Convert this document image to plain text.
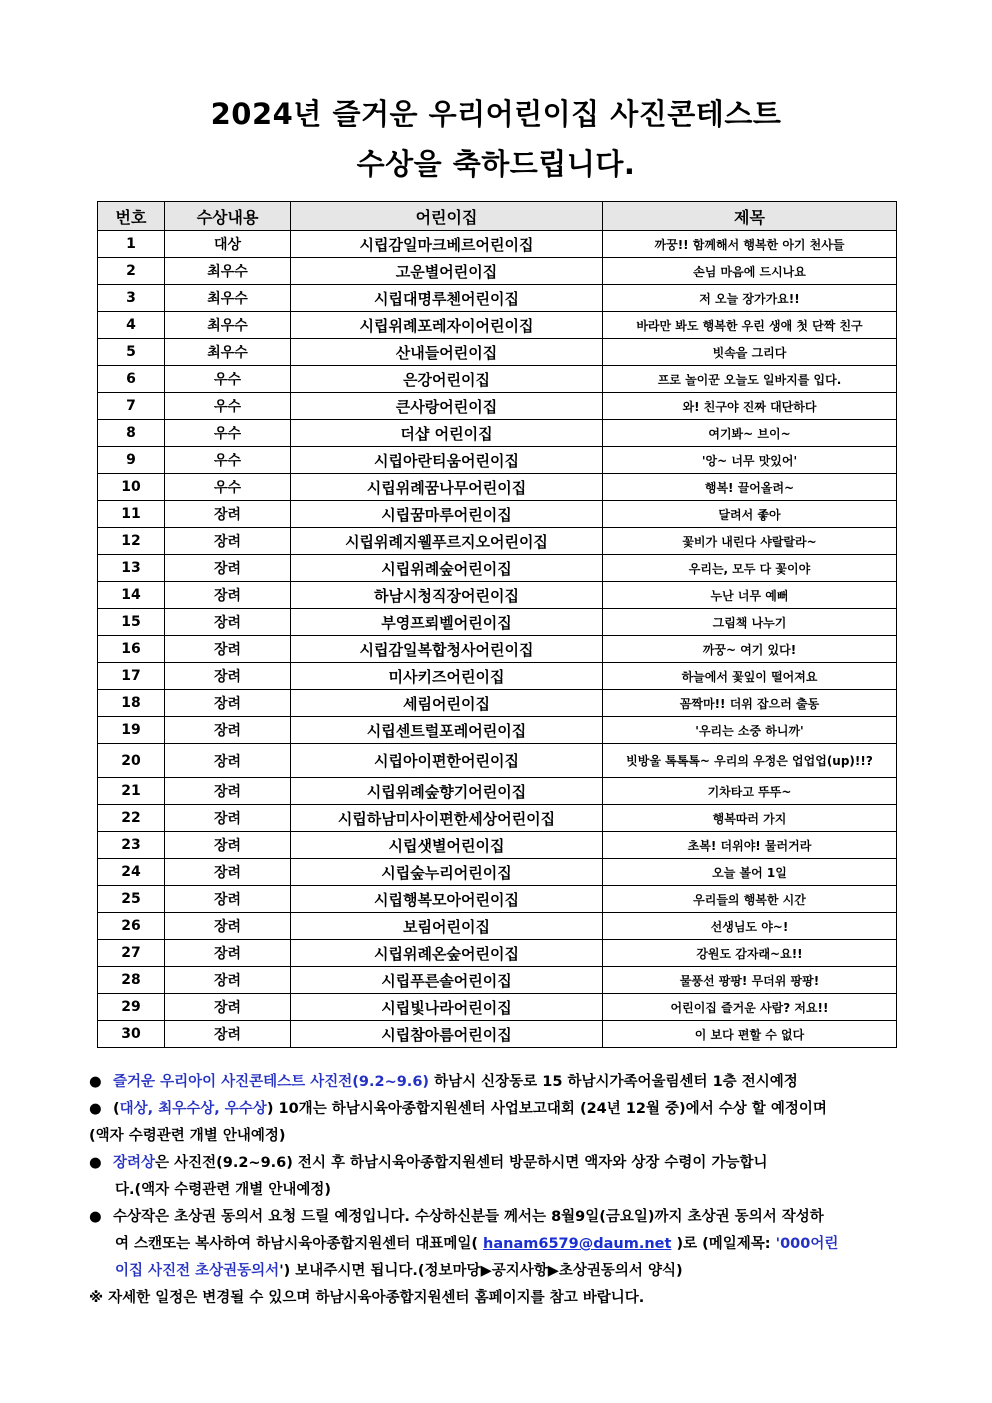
2024년 즐거운 우리어린이집 사진콘테스트
수상을 축하드립니다.
번호	수상내용	어린이집	제목
1	대상	시립감일마크베르어린이집	까꿍!! 함께해서 행복한 아기 천사들
2	최우수	고운별어린이집	손님 마음에 드시나요
3	최우수	시립대명루첸어린이집	저 오늘 장가가요!!
4	최우수	시립위례포레자이어린이집	바라만 봐도 행복한 우린 생애 첫 단짝 친구
5	최우수	산내들어린이집	빗속을 그리다
6	우수	은강어린이집	프로 놀이꾼 오늘도 일바지를 입다.
7	우수	큰사랑어린이집	와! 친구야 진짜 대단하다
8	우수	더샵 어린이집	여기봐~ 브이~
9	우수	시립아란티움어린이집	'앙~ 너무 맛있어'
10	우수	시립위례꿈나무어린이집	행복! 끌어올려~
11	장려	시립꿈마루어린이집	달려서 좋아
12	장려	시립위례지웰푸르지오어린이집	꽃비가 내린다 샤랄랄라~
13	장려	시립위례숲어린이집	우리는, 모두 다 꽃이야
14	장려	하남시청직장어린이집	누난 너무 예뻐
15	장려	부영프뢰벨어린이집	그림책 나누기
16	장려	시립감일복합청사어린이집	까꿍~ 여기 있다!
17	장려	미사키즈어린이집	하늘에서 꽃잎이 떨어져요
18	장려	세림어린이집	꼼짝마!! 더위 잡으러 출동
19	장려	시립센트럴포레어린이집	'우리는 소중 하니까'
20	장려	시립아이편한어린이집	빗방울 톡톡톡~ 우리의 우정은 업업업(up)!!?
21	장려	시립위례숲향기어린이집	기차타고 뚜뚜~
22	장려	시립하남미사이편한세상어린이집	행복따러 가지
23	장려	시립샛별어린이집	초복! 더위야! 물러거라
24	장려	시립숲누리어린이집	오늘 볼어 1일
25	장려	시립행복모아어린이집	우리들의 행복한 시간
26	장려	보림어린이집	선생님도 야~!
27	장려	시립위례온숲어린이집	강원도 감자래~요!!
28	장려	시립푸른솔어린이집	물풍선 팡팡! 무더위 팡팡!
29	장려	시립빛나라어린이집	어린이집 즐거운 사람? 저요!!
30	장려	시립참아름어린이집	이 보다 편할 수 없다

● 즐거운 우리아이 사진콘테스트 사진전(9.2~9.6) 하남시 신장동로 15 하남시가족어울림센터 1층 전시예정

● (대상, 최우수상, 우수상) 10개는 하남시육아종합지원센터 사업보고대회 (24년 12월 중)에서 수상 할 예정이며

(액자 수령관련 개별 안내예정)

● 장려상은 사진전(9.2~9.6) 전시 후 하남시육아종합지원센터 방문하시면 액자와 상장 수령이 가능합니

다.(액자 수령관련 개별 안내예정)

● 수상작은 초상권 동의서 요청 드릴 예정입니다. 수상하신분들 께서는 8월9일(금요일)까지 초상권 동의서 작성하

여 스캔또는 복사하여 하남시육아종합지원센터 대표메일( hanam6579@daum.net )로 (메일제목: '000어린

이집 사진전 초상권동의서') 보내주시면 됩니다.(정보마당▶공지사항▶초상권동의서 양식)

※ 자세한 일정은 변경될 수 있으며 하남시육아종합지원센터 홈페이지를 참고 바랍니다.
